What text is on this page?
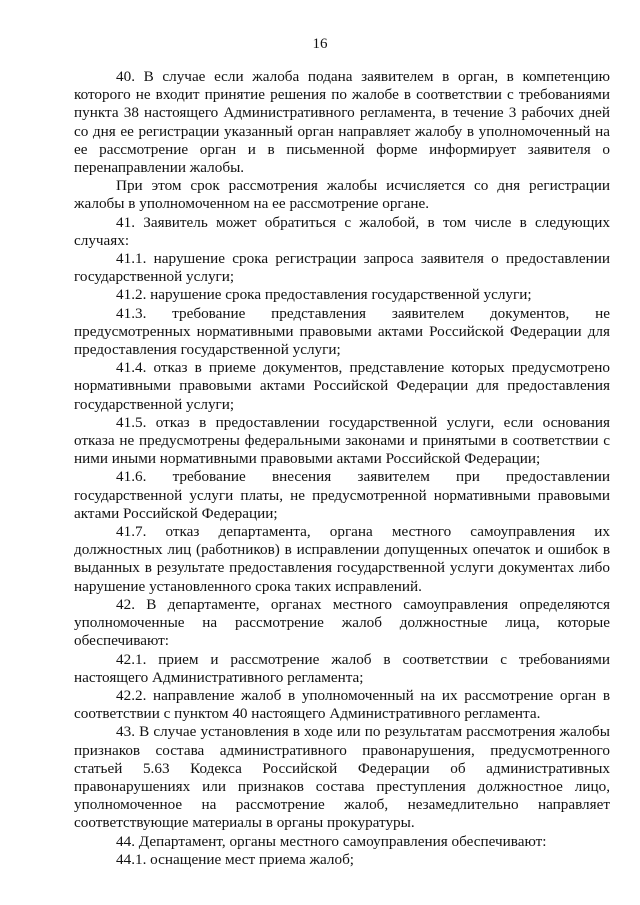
16

40. В случае если жалоба подана заявителем в орган, в компетенцию которого не входит принятие решения по жалобе в соответствии с требованиями пункта 38 настоящего Административного регламента, в течение 3 рабочих дней со дня ее регистрации указанный орган направляет жалобу в уполномоченный на ее рассмотрение орган и в письменной форме информирует заявителя о перенаправлении жалобы.

При этом срок рассмотрения жалобы исчисляется со дня регистрации жалобы в уполномоченном на ее рассмотрение органе.

41. Заявитель может обратиться с жалобой, в том числе в следующих случаях:

41.1. нарушение срока регистрации запроса заявителя о предоставлении государственной услуги;

41.2. нарушение срока предоставления государственной услуги;

41.3. требование представления заявителем документов, не предусмотренных нормативными правовыми актами Российской Федерации для предоставления государственной услуги;

41.4. отказ в приеме документов, представление которых предусмотрено нормативными правовыми актами Российской Федерации для предоставления государственной услуги;

41.5. отказ в предоставлении государственной услуги, если основания отказа не предусмотрены федеральными законами и принятыми в соответствии с ними иными нормативными правовыми актами Российской Федерации;

41.6. требование внесения заявителем при предоставлении государственной услуги платы, не предусмотренной нормативными правовыми актами Российской Федерации;

41.7. отказ департамента, органа местного самоуправления их должностных лиц (работников) в исправлении допущенных опечаток и ошибок в выданных в результате предоставления государственной услуги документах либо нарушение установленного срока таких исправлений.

42. В департаменте, органах местного самоуправления определяются уполномоченные на рассмотрение жалоб должностные лица, которые обеспечивают:

42.1. прием и рассмотрение жалоб в соответствии с требованиями настоящего Административного регламента;

42.2. направление жалоб в уполномоченный на их рассмотрение орган в соответствии с пунктом 40 настоящего Административного регламента.

43. В случае установления в ходе или по результатам рассмотрения жалобы признаков состава административного правонарушения, предусмотренного статьей 5.63 Кодекса Российской Федерации об административных правонарушениях или признаков состава преступления должностное лицо, уполномоченное на рассмотрение жалоб, незамедлительно направляет соответствующие материалы в органы прокуратуры.

44. Департамент, органы местного самоуправления обеспечивают:

44.1. оснащение мест приема жалоб;
